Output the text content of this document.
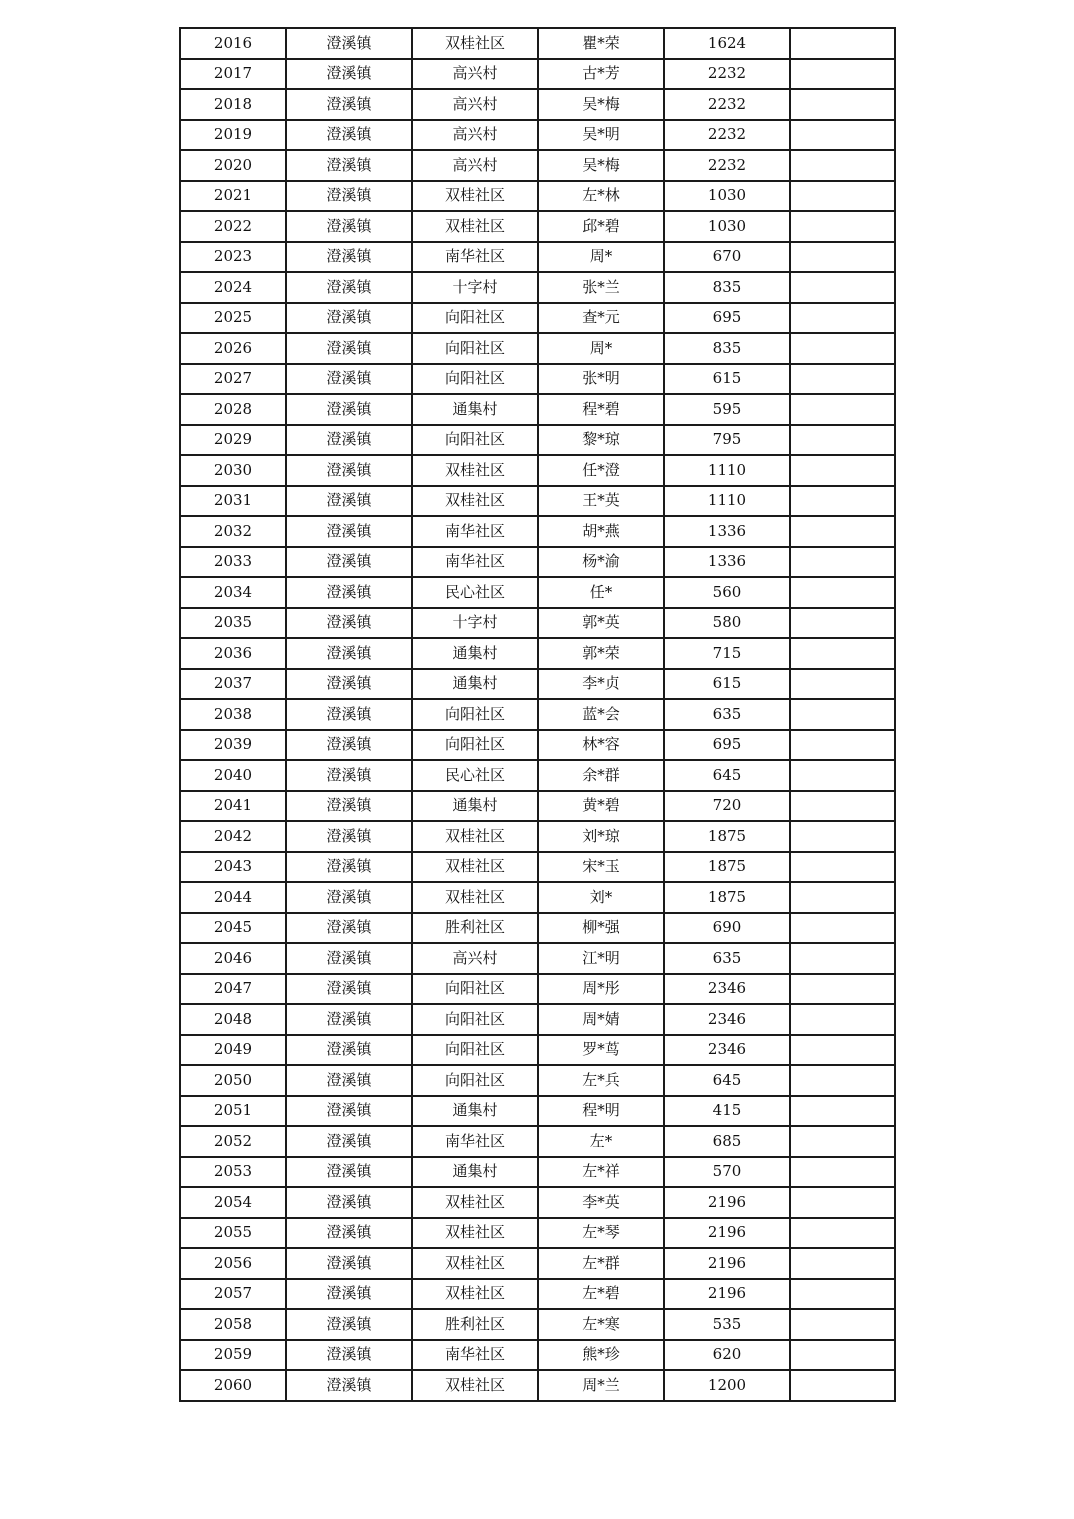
2016	澄溪镇	双桂社区	瞿*荣	1624	
2017	澄溪镇	高兴村	古*芳	2232	
2018	澄溪镇	高兴村	吴*梅	2232	
2019	澄溪镇	高兴村	吴*明	2232	
2020	澄溪镇	高兴村	吴*梅	2232	
2021	澄溪镇	双桂社区	左*林	1030	
2022	澄溪镇	双桂社区	邱*碧	1030	
2023	澄溪镇	南华社区	周*	670	
2024	澄溪镇	十字村	张*兰	835	
2025	澄溪镇	向阳社区	查*元	695	
2026	澄溪镇	向阳社区	周*	835	
2027	澄溪镇	向阳社区	张*明	615	
2028	澄溪镇	通集村	程*碧	595	
2029	澄溪镇	向阳社区	黎*琼	795	
2030	澄溪镇	双桂社区	任*澄	1110	
2031	澄溪镇	双桂社区	王*英	1110	
2032	澄溪镇	南华社区	胡*燕	1336	
2033	澄溪镇	南华社区	杨*渝	1336	
2034	澄溪镇	民心社区	任*	560	
2035	澄溪镇	十字村	郭*英	580	
2036	澄溪镇	通集村	郭*荣	715	
2037	澄溪镇	通集村	李*贞	615	
2038	澄溪镇	向阳社区	蓝*会	635	
2039	澄溪镇	向阳社区	林*容	695	
2040	澄溪镇	民心社区	余*群	645	
2041	澄溪镇	通集村	黄*碧	720	
2042	澄溪镇	双桂社区	刘*琼	1875	
2043	澄溪镇	双桂社区	宋*玉	1875	
2044	澄溪镇	双桂社区	刘*	1875	
2045	澄溪镇	胜利社区	柳*强	690	
2046	澄溪镇	高兴村	江*明	635	
2047	澄溪镇	向阳社区	周*彤	2346	
2048	澄溪镇	向阳社区	周*婧	2346	
2049	澄溪镇	向阳社区	罗*茑	2346	
2050	澄溪镇	向阳社区	左*兵	645	
2051	澄溪镇	通集村	程*明	415	
2052	澄溪镇	南华社区	左*	685	
2053	澄溪镇	通集村	左*祥	570	
2054	澄溪镇	双桂社区	李*英	2196	
2055	澄溪镇	双桂社区	左*琴	2196	
2056	澄溪镇	双桂社区	左*群	2196	
2057	澄溪镇	双桂社区	左*碧	2196	
2058	澄溪镇	胜利社区	左*寒	535	
2059	澄溪镇	南华社区	熊*珍	620	
2060	澄溪镇	双桂社区	周*兰	1200	
